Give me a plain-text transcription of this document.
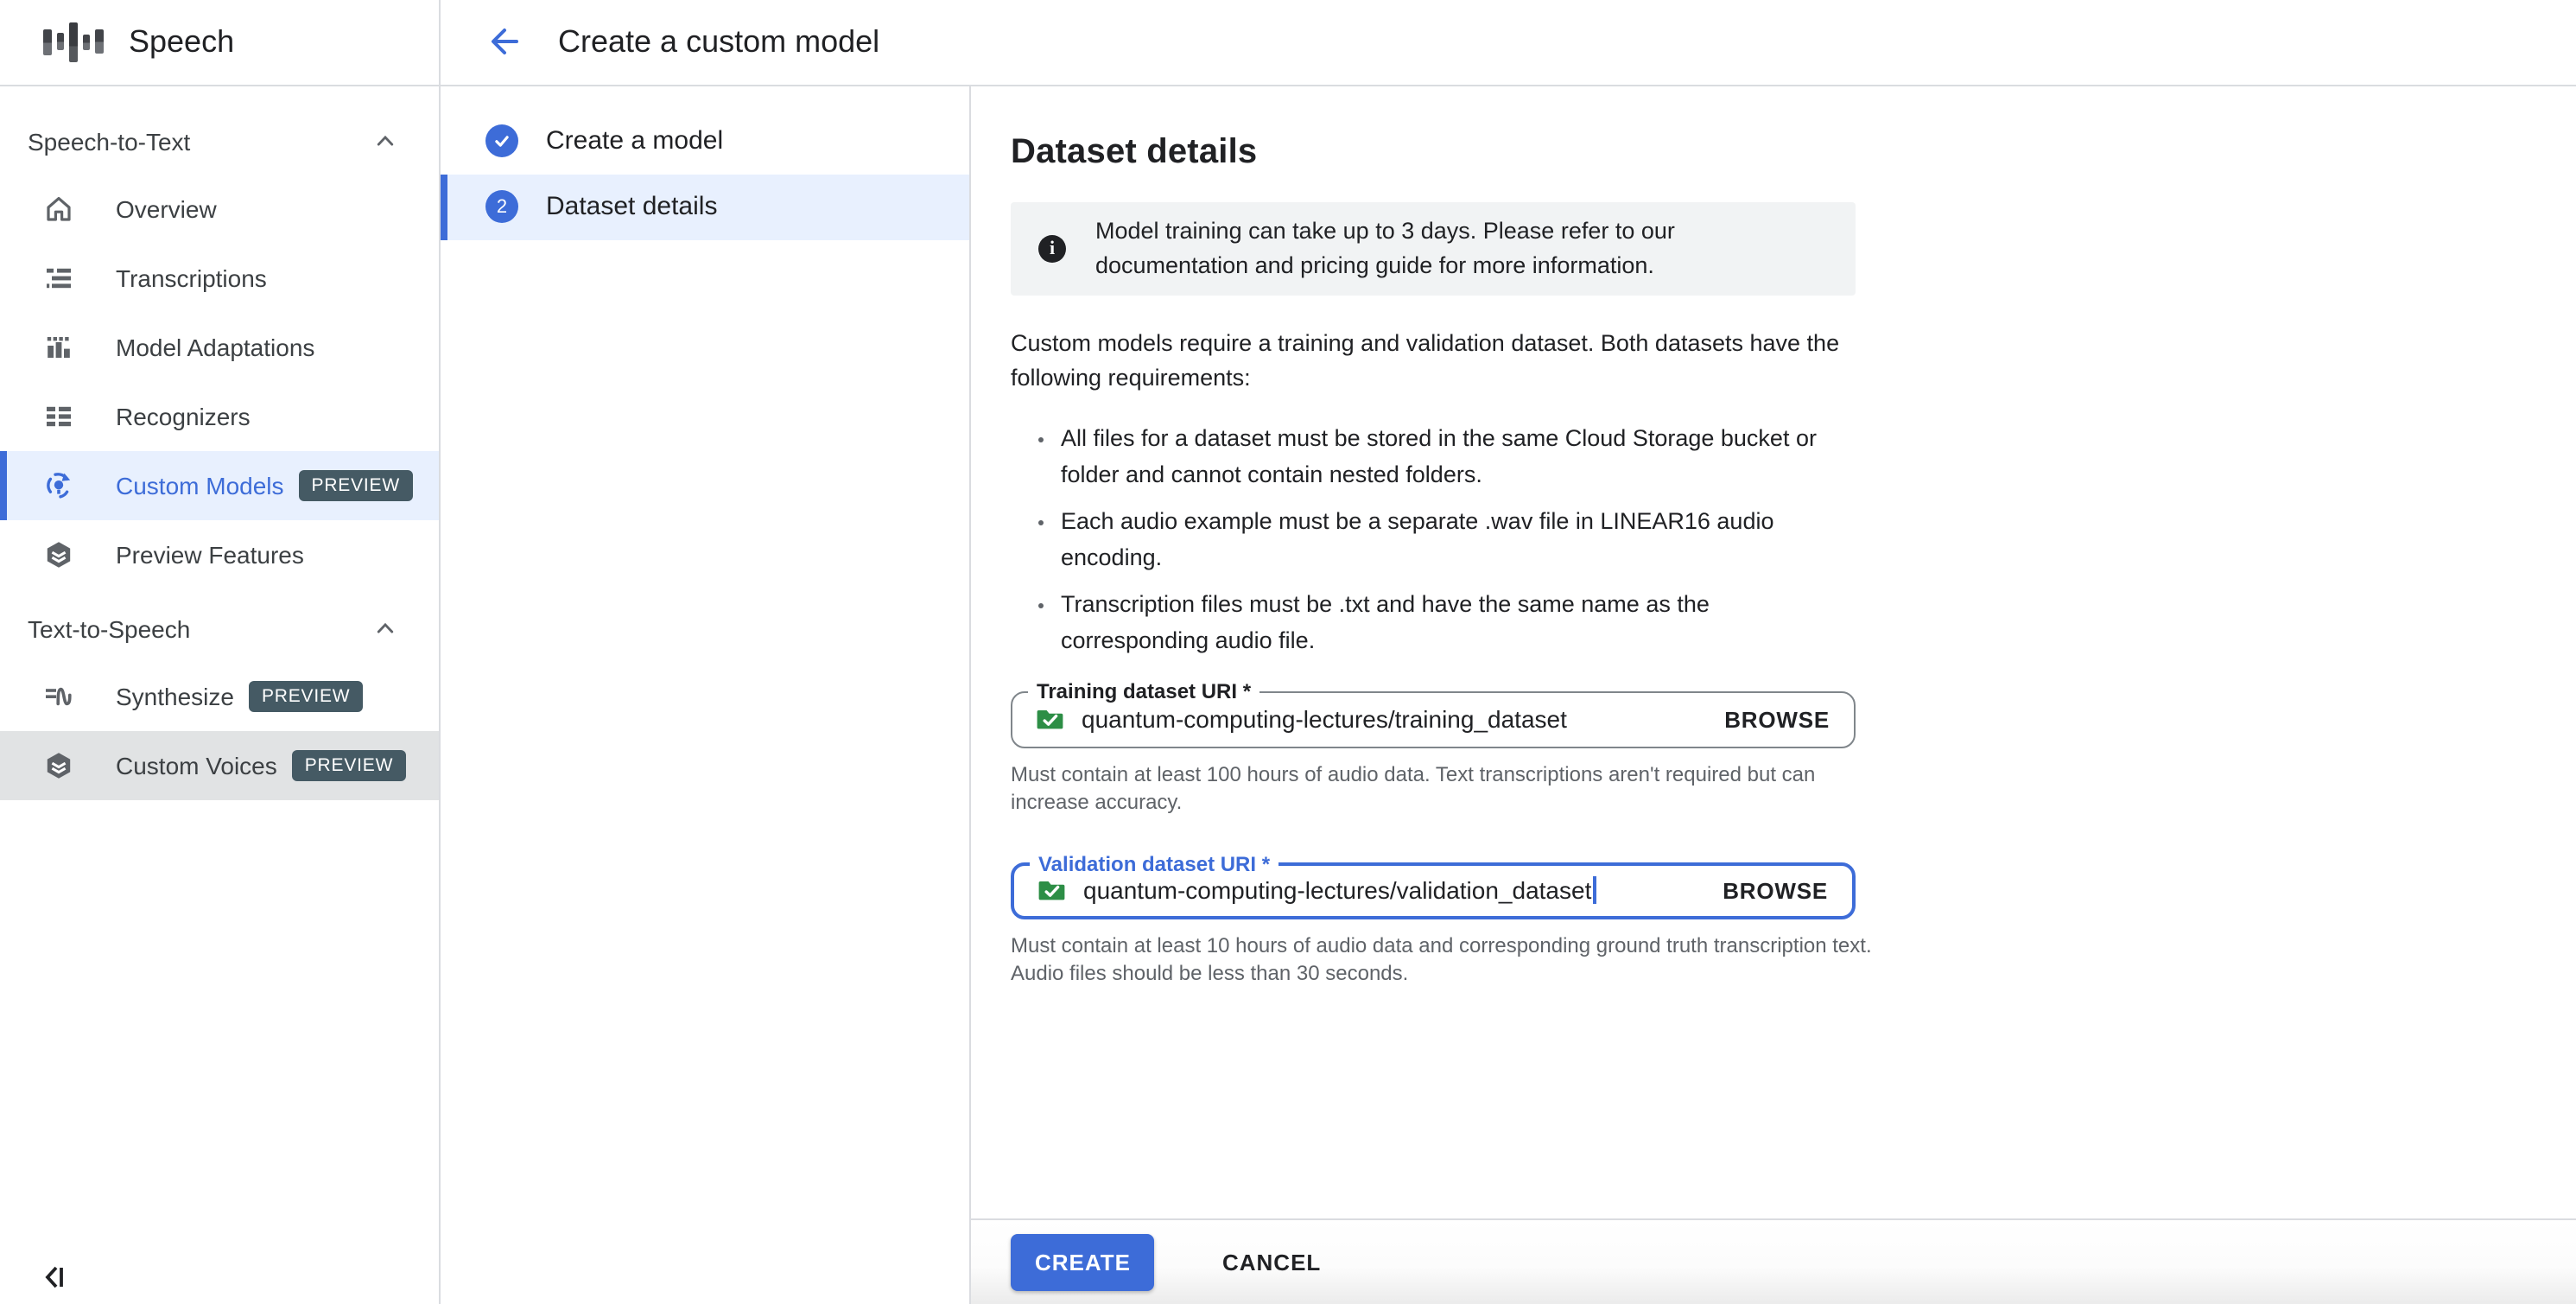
Speech	Create a custom model
Speech-to-Text
Overview
Transcriptions
Model Adaptations
Recognizers
Custom Models	PREVIEW
Preview Features
Text-to-Speech
Synthesize	PREVIEW
Custom Voices	PREVIEW
Create a model
2	Dataset details
Dataset details
i
Model training can take up to 3 days. Please refer to our documentation and pricing guide for more information.

Custom models require a training and validation dataset. Both datasets have the following requirements:

• All files for a dataset must be stored in the same Cloud Storage bucket or folder and cannot contain nested folders.
• Each audio example must be a separate .wav file in LINEAR16 audio encoding.
• Transcription files must be .txt and have the same name as the corresponding audio file.
Training dataset URI *
quantum-computing-lectures/training_dataset	BROWSE
Must contain at least 100 hours of audio data. Text transcriptions aren't required but can increase accuracy.
Validation dataset URI *
quantum-computing-lectures/validation_dataset	BROWSE
Must contain at least 10 hours of audio data and corresponding ground truth transcription text. Audio files should be less than 30 seconds.
CREATE	CANCEL
